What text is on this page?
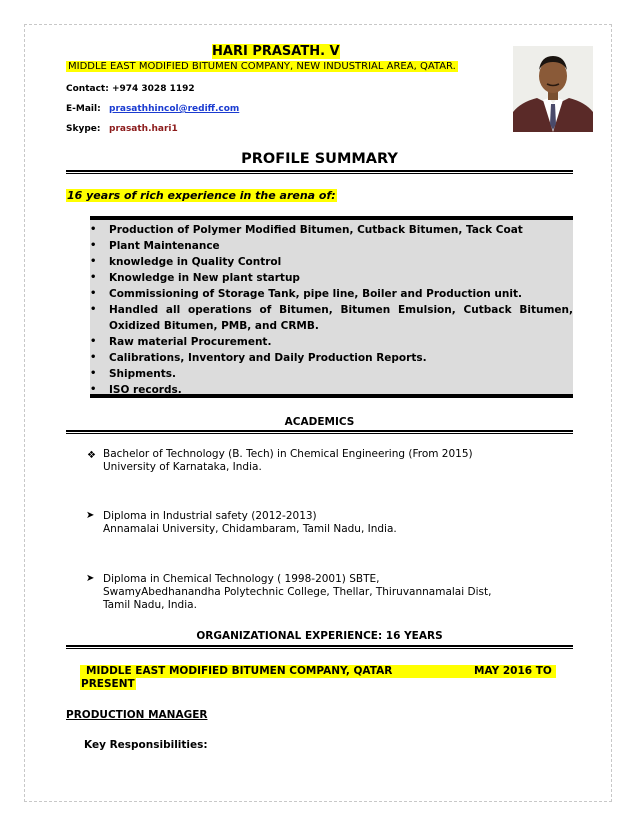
HARI PRASATH. V
MIDDLE EAST MODIFIED BITUMEN COMPANY, NEW INDUSTRIAL AREA, QATAR.
Contact: +974 3028 1192
E-Mail: prasathhincol@rediff.com
Skype: prasath.hari1
PROFILE SUMMARY
16 years of rich experience in the arena of:
• Production of Polymer Modified Bitumen, Cutback Bitumen, Tack Coat
• Plant Maintenance
• knowledge in Quality Control
• Knowledge in New plant startup
• Commissioning of Storage Tank, pipe line, Boiler and Production unit.
• Handled all operations of Bitumen, Bitumen Emulsion, Cutback Bitumen, Oxidized Bitumen, PMB, and CRMB.
• Raw material Procurement.
• Calibrations, Inventory and Daily Production Reports.
• Shipments.
• ISO records.
ACADEMICS
❖ Bachelor of Technology (B. Tech) in Chemical Engineering (From 2015)
University of Karnataka, India.
➤ Diploma in Industrial safety (2012-2013)
Annamalai University, Chidambaram, Tamil Nadu, India.
➤ Diploma in Chemical Technology ( 1998-2001) SBTE,
SwamyAbedhanandha Polytechnic College, Thellar, Thiruvannamalai Dist,
Tamil Nadu, India.
ORGANIZATIONAL EXPERIENCE: 16 YEARS
MIDDLE EAST MODIFIED BITUMEN COMPANY, QATAR	MAY 2016 TO
PRESENT
PRODUCTION MANAGER
Key Responsibilities:
